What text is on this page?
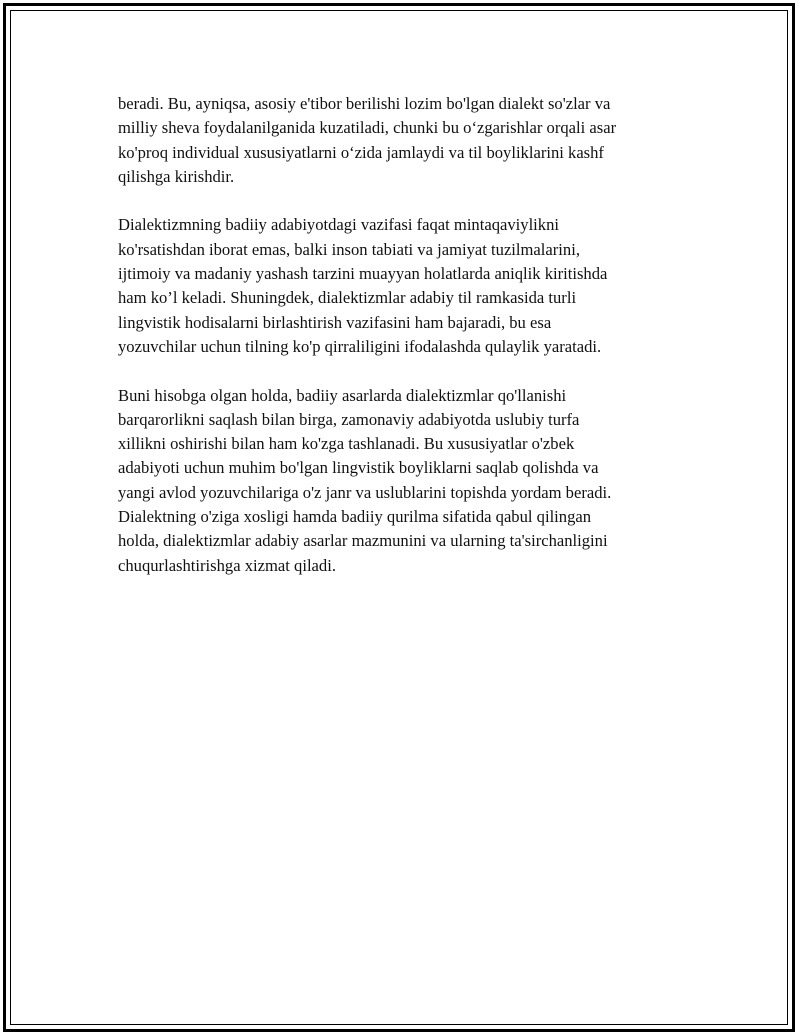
beradi. Bu, ayniqsa, asosiy e'tibor berilishi lozim bo'lgan dialekt so'zlar va
milliy sheva foydalanilganida kuzatiladi, chunki bu o‘zgarishlar orqali asar
ko'proq individual xususiyatlarni o‘zida jamlaydi va til boyliklarini kashf
qilishga kirishdir.

Dialektizmning badiiy adabiyotdagi vazifasi faqat mintaqaviylikni
ko'rsatishdan iborat emas, balki inson tabiati va jamiyat tuzilmalarini,
ijtimoiy va madaniy yashash tarzini muayyan holatlarda aniqlik kiritishda
ham ko’l keladi. Shuningdek, dialektizmlar adabiy til ramkasida turli
lingvistik hodisalarni birlashtirish vazifasini ham bajaradi, bu esa
yozuvchilar uchun tilning ko'p qirraliligini ifodalashda qulaylik yaratadi.

Buni hisobga olgan holda, badiiy asarlarda dialektizmlar qo'llanishi
barqarorlikni saqlash bilan birga, zamonaviy adabiyotda uslubiy turfa
xillikni oshirishi bilan ham ko'zga tashlanadi. Bu xususiyatlar o'zbek
adabiyoti uchun muhim bo'lgan lingvistik boyliklarni saqlab qolishda va
yangi avlod yozuvchilariga o'z janr va uslublarini topishda yordam beradi.
Dialektning o'ziga xosligi hamda badiiy qurilma sifatida qabul qilingan
holda, dialektizmlar adabiy asarlar mazmunini va ularning ta'sirchanligini
chuqurlashtirishga xizmat qiladi.
